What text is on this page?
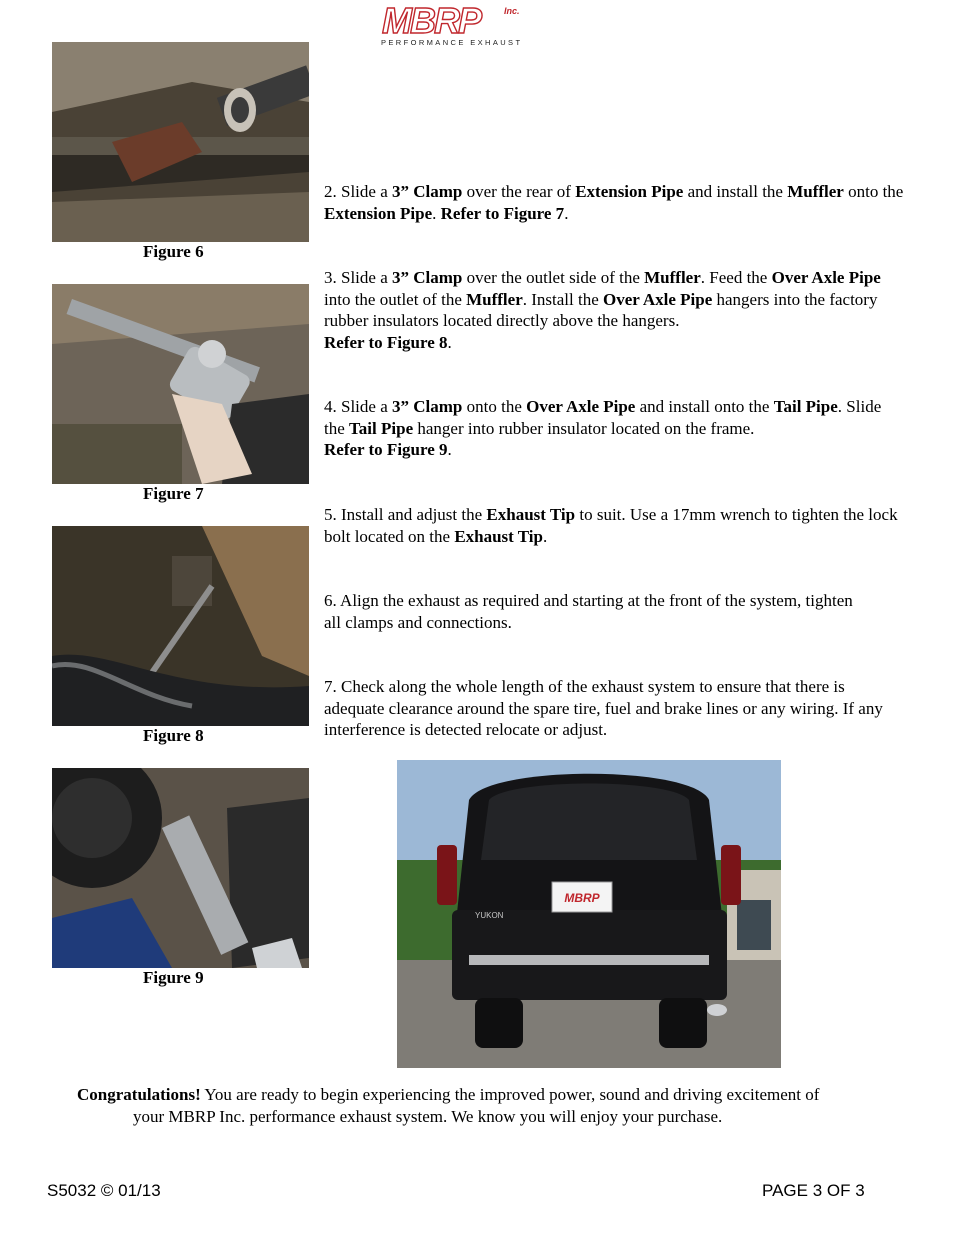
MBRP	Inc.
PERFORMANCE EXHAUST
Figure 6
Figure 7
Figure 8
Figure 9
2. Slide a 3” Clamp over the rear of Extension Pipe and install the Muffler onto the Extension Pipe. Refer to Figure 7.
3. Slide a 3” Clamp over the outlet side of the Muffler. Feed the Over Axle Pipe into the outlet of the Muffler. Install the Over Axle Pipe hangers into the factory rubber insulators located directly above the hangers.
Refer to Figure 8.
4. Slide a 3” Clamp onto the Over Axle Pipe and install onto the Tail Pipe. Slide the Tail Pipe hanger into rubber insulator located on the frame.
Refer to Figure 9.
5. Install and adjust the Exhaust Tip to suit. Use a 17mm wrench to tighten the lock bolt located on the Exhaust Tip.
6. Align the exhaust as required and starting at the front of the system, tighten all clamps and connections.
7. Check along the whole length of the exhaust system to ensure that there is adequate clearance around the spare tire, fuel and brake lines or any wiring. If any interference is detected relocate or adjust.
MBRP
YUKON
Congratulations! You are ready to begin experiencing the improved power, sound and driving excitement of
your MBRP Inc. performance exhaust system. We know you will enjoy your purchase.
S5032 © 01/13	PAGE 3 OF 3
